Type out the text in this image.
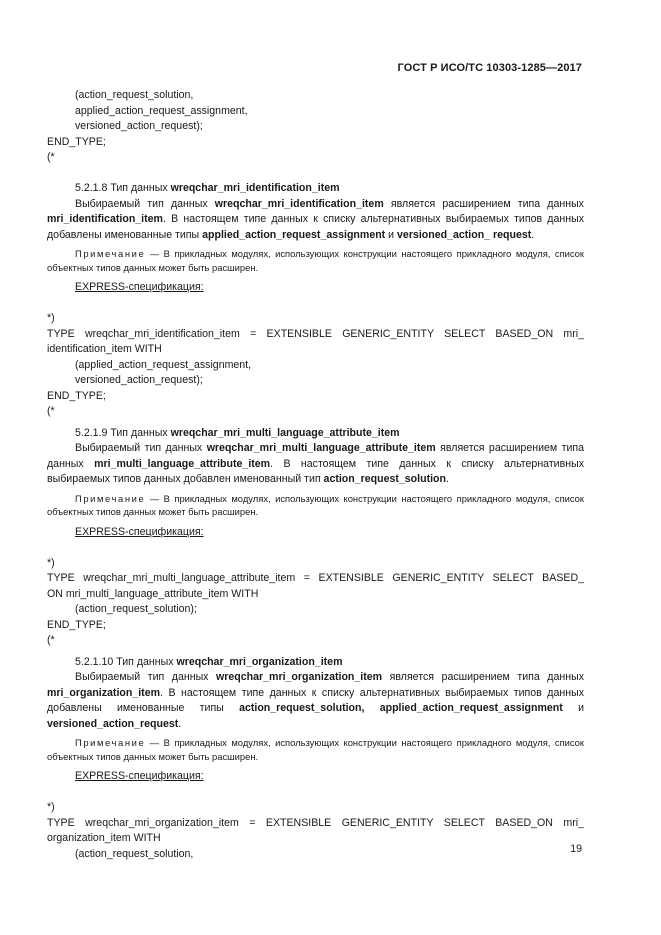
ГОСТ Р ИСО/ТС 10303-1285—2017
(action_request_solution,
applied_action_request_assignment,
versioned_action_request);
END_TYPE;
(*
5.2.1.8 Тип данных wreqchar_mri_identification_item
Выбираемый тип данных wreqchar_mri_identification_item является расширением типа данных mri_identification_item. В настоящем типе данных к списку альтернативных выбираемых типов данных добавлены именованные типы applied_action_request_assignment и versioned_action_ request.
Примечание — В прикладных модулях, использующих конструкции настоящего прикладного модуля, список объектных типов данных может быть расширен.
EXPRESS-спецификация:
*)
TYPE wreqchar_mri_identification_item = EXTENSIBLE GENERIC_ENTITY SELECT BASED_ON mri_
identification_item WITH
(applied_action_request_assignment,
versioned_action_request);
END_TYPE;
(*
5.2.1.9 Тип данных wreqchar_mri_multi_language_attribute_item
Выбираемый тип данных wreqchar_mri_multi_language_attribute_item является расширением типа данных mri_multi_language_attribute_item. В настоящем типе данных к списку альтернативных выбираемых типов данных добавлен именованный тип action_request_solution.
Примечание — В прикладных модулях, использующих конструкции настоящего прикладного модуля, список объектных типов данных может быть расширен.
EXPRESS-спецификация:
*)
TYPE wreqchar_mri_multi_language_attribute_item = EXTENSIBLE GENERIC_ENTITY SELECT BASED_
ON mri_multi_language_attribute_item WITH
(action_request_solution);
END_TYPE;
(*
5.2.1.10 Тип данных wreqchar_mri_organization_item
Выбираемый тип данных wreqchar_mri_organization_item является расширением типа данных mri_organization_item. В настоящем типе данных к списку альтернативных выбираемых типов данных добавлены именованные типы action_request_solution, applied_action_request_assignment и versioned_action_request.
Примечание — В прикладных модулях, использующих конструкции настоящего прикладного модуля, список объектных типов данных может быть расширен.
EXPRESS-спецификация:
*)
TYPE wreqchar_mri_organization_item = EXTENSIBLE GENERIC_ENTITY SELECT BASED_ON mri_
organization_item WITH
(action_request_solution,	19
